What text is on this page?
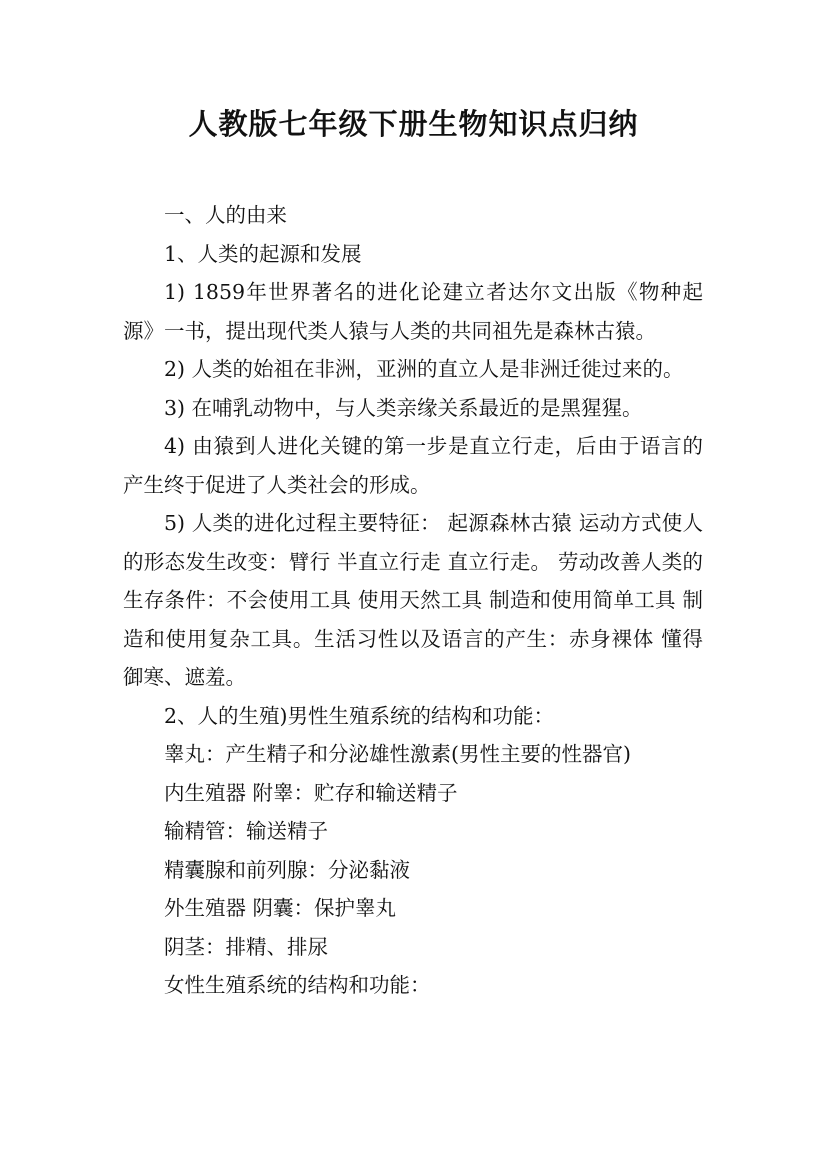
人教版七年级下册生物知识点归纳

一、人的由来

1、人类的起源和发展

1) 1859年世界著名的进化论建立者达尔文出版《物种起源》一书，提出现代类人猿与人类的共同祖先是森林古猿。

2) 人类的始祖在非洲，亚洲的直立人是非洲迁徙过来的。

3) 在哺乳动物中，与人类亲缘关系最近的是黑猩猩。

4) 由猿到人进化关键的第一步是直立行走，后由于语言的产生终于促进了人类社会的形成。

5) 人类的进化过程主要特征： 起源森林古猿 运动方式使人的形态发生改变：臂行 半直立行走 直立行走。 劳动改善人类的生存条件：不会使用工具 使用天然工具 制造和使用简单工具 制造和使用复杂工具。生活习性以及语言的产生：赤身裸体 懂得御寒、遮羞。

2、人的生殖)男性生殖系统的结构和功能：

睾丸：产生精子和分泌雄性激素(男性主要的性器官)

内生殖器 附睾：贮存和输送精子

输精管：输送精子

精囊腺和前列腺：分泌黏液

外生殖器 阴囊：保护睾丸

阴茎：排精、排尿

女性生殖系统的结构和功能：
